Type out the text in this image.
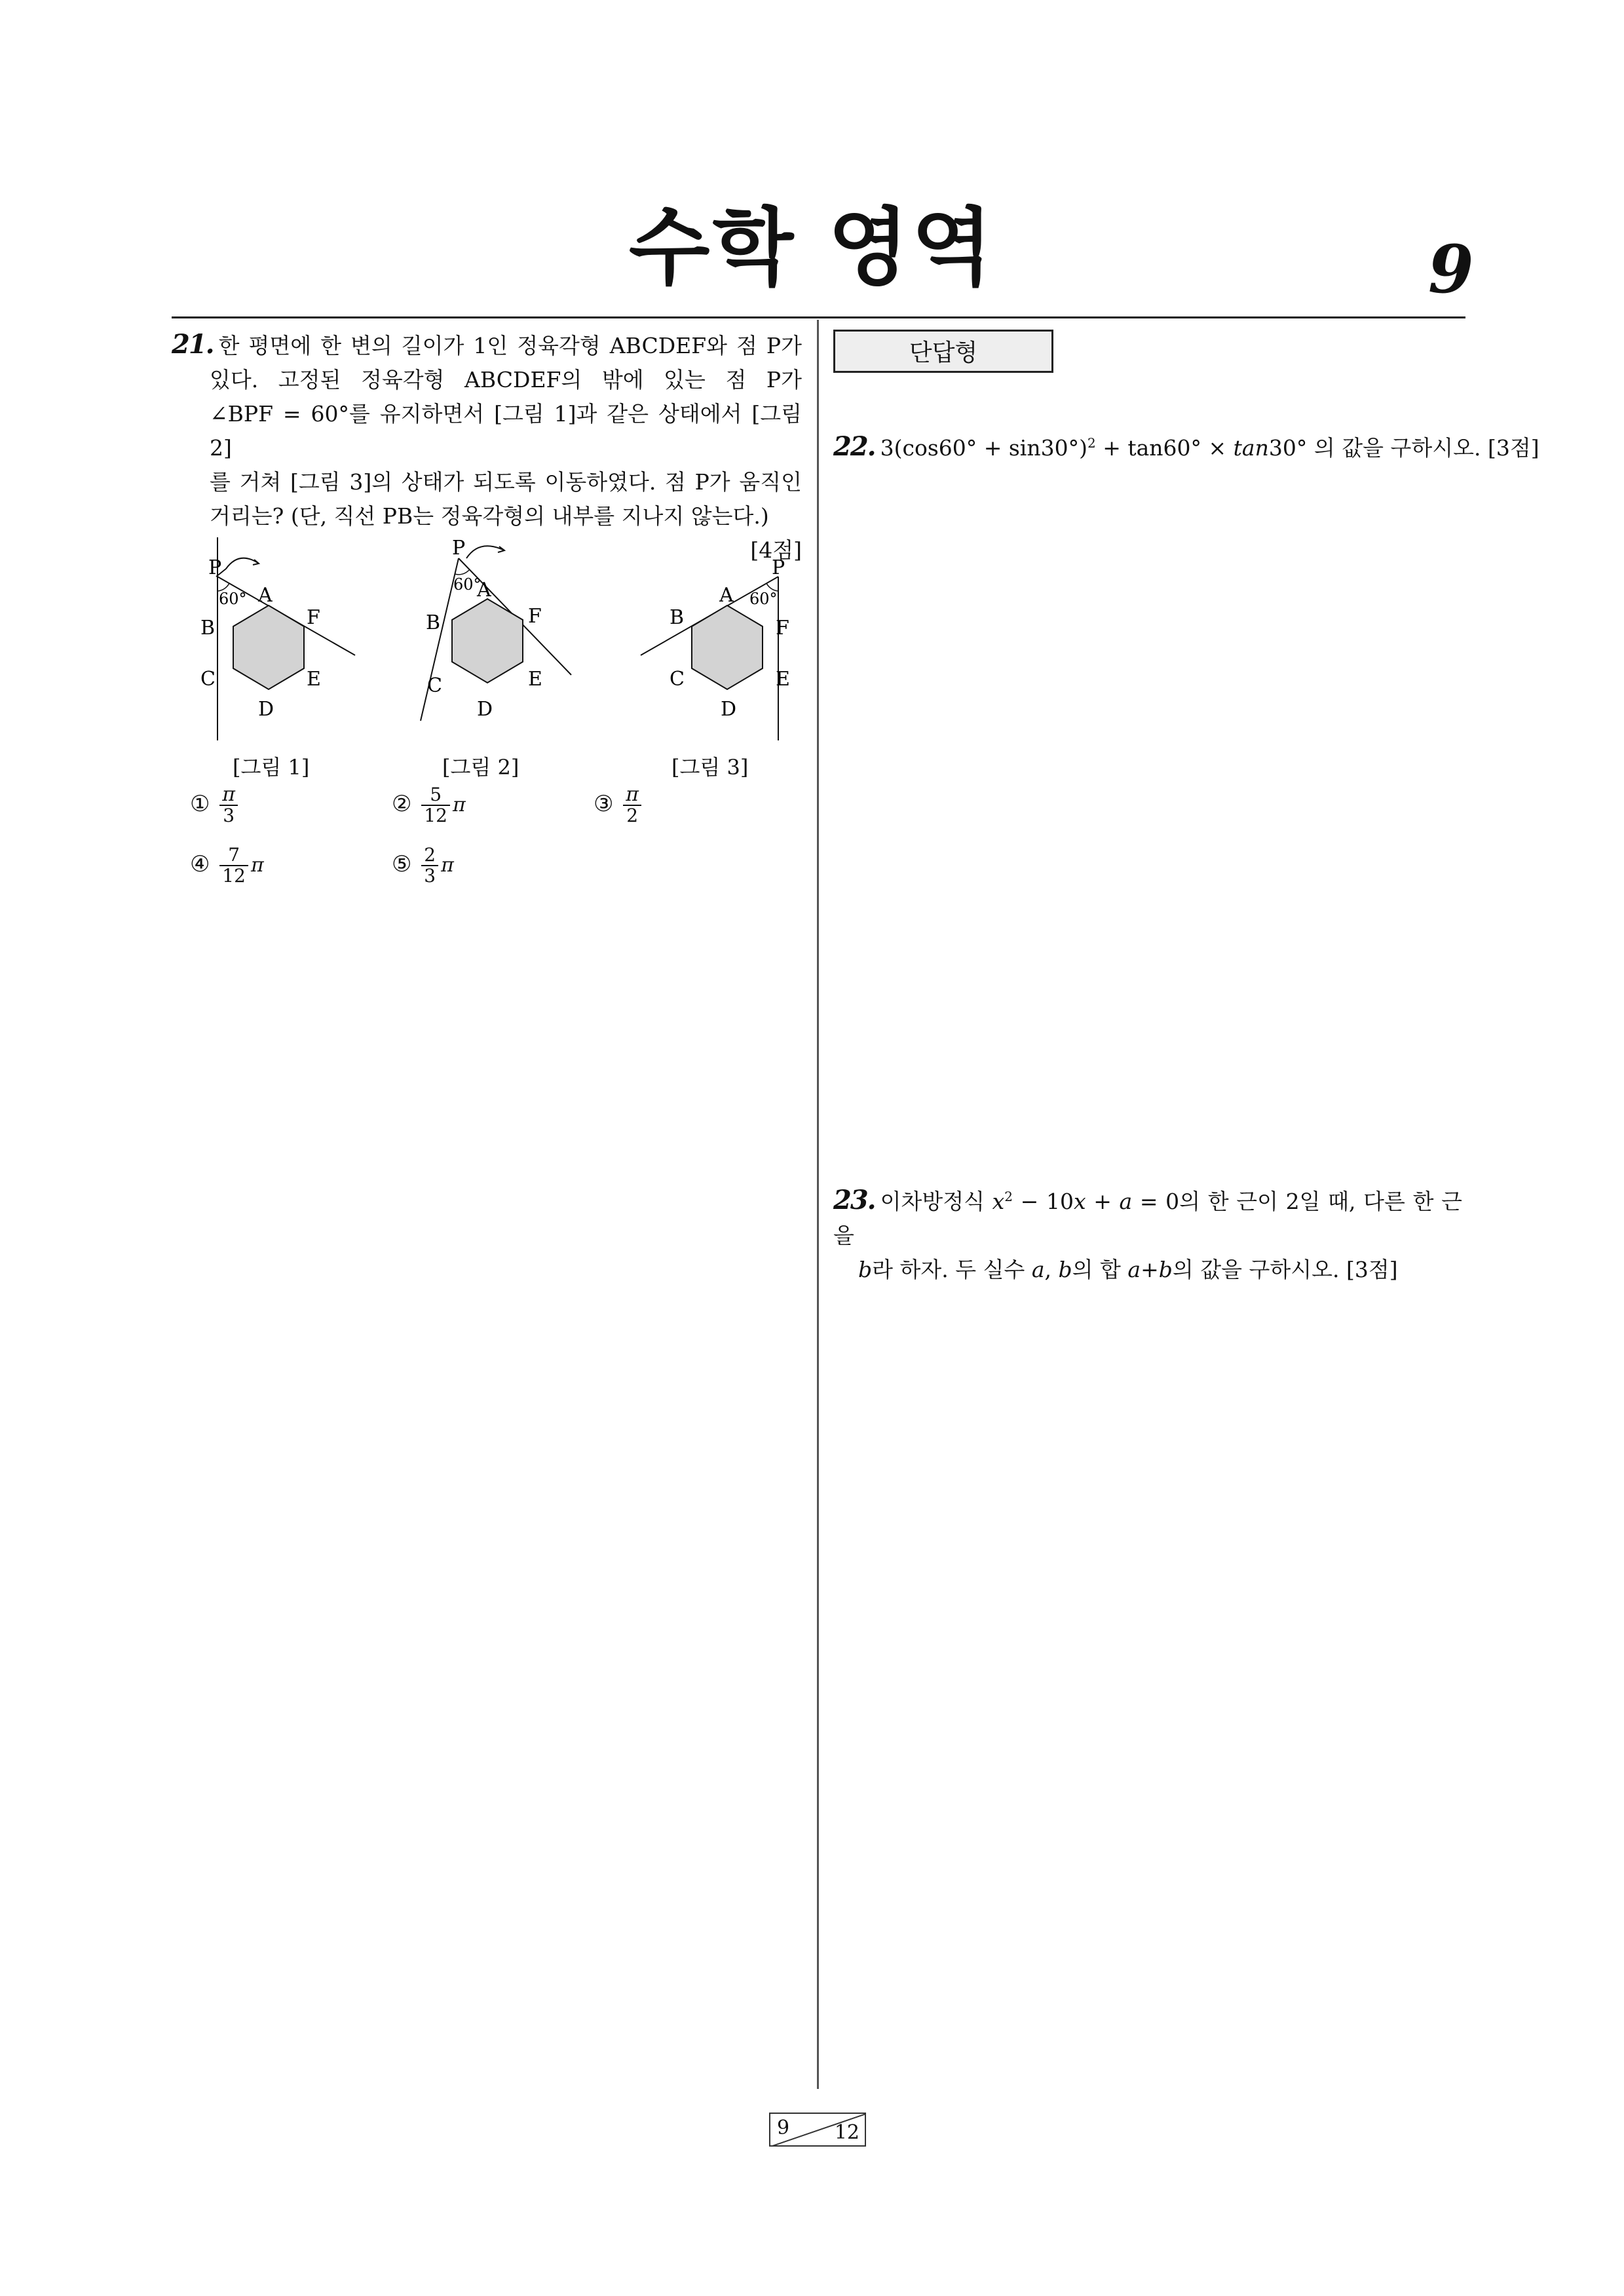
수학 영역	9
21. 한 평면에 한 변의 길이가 1인 정육각형 ABCDEF와 점 P가
있다. 고정된 정육각형 ABCDEF의 밖에 있는 점 P가
∠BPF = 60°를 유지하면서 [그림 1]과 같은 상태에서 [그림 2]
를 거쳐 [그림 3]의 상태가 되도록 이동하였다. 점 P가 움직인
거리는? (단, 직선 PB는 정육각형의 내부를 지나지 않는다.)
[4점]
P
60° A
B	F
C	E
D
P
60°
A
B	F
C	E
D
P
60°
A
B	F
C	E
D
[그림 1]	[그림 2]	[그림 3]
① $\frac{\pi}{3}$	② $\frac{5}{12}$ π	③ $\frac{\pi}{2}$
④ $\frac{7}{12}$ π	⑤ $\frac{2}{3}$ π
단답형
22. $3(\cos 60^\circ + \sin 30^\circ)^2 + \tan 60^\circ \times \tan 30^\circ$ 의 값을 구하시오. [3점]
23. 이차방정식 $x^2 - 10x + a = 0$의 한 근이 2일 때, 다른 한 근을
b라 하자. 두 실수 a, b의 합 a+b의 값을 구하시오. [3점]
9 12
